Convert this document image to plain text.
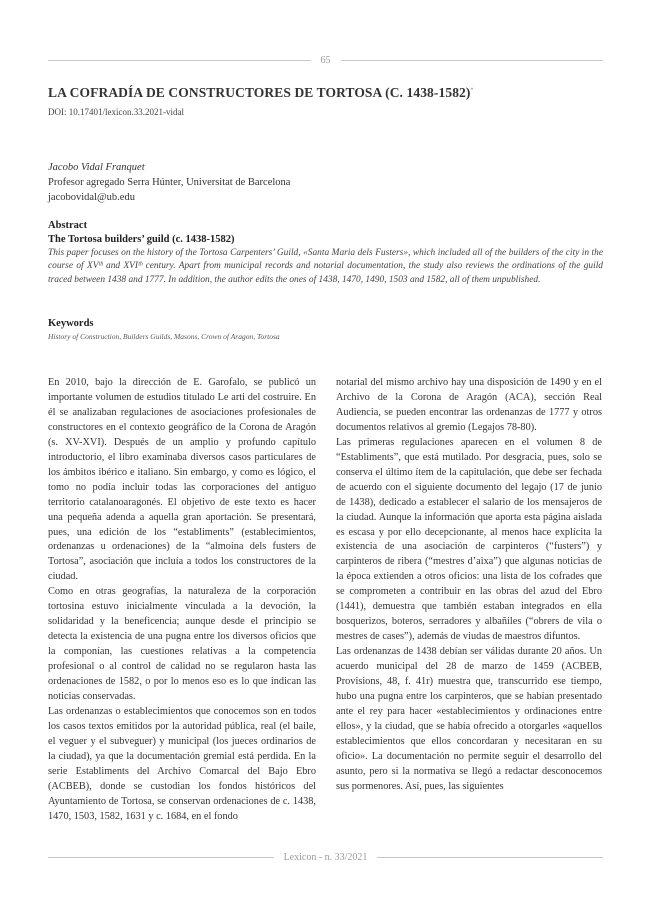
65
LA COFRADÍA DE CONSTRUCTORES DE TORTOSA (C. 1438-1582)*
DOI: 10.17401/lexicon.33.2021-vidal
Jacobo Vidal Franquet
Profesor agregado Serra Húnter, Universitat de Barcelona
jacobovidal@ub.edu
Abstract
The Tortosa builders’ guild (c. 1438-1582)
This paper focuses on the history of the Tortosa Carpenters’ Guild, «Santa Maria dels Fusters», which included all of the builders of the city in the course of XVᵗʰ and XVIᵗʰ century. Apart from municipal records and notarial documentation, the study also reviews the ordinations of the guild traced between 1438 and 1777. In addition, the author edits the ones of 1438, 1470, 1490, 1503 and 1582, all of them unpublished.
Keywords
History of Construction, Builders Guilds, Masons, Crown of Aragon, Tortosa

En 2010, bajo la dirección de E. Garofalo, se publicó un importante volumen de estudios titulado Le arti del costruire. En él se analizaban regulaciones de asociaciones profesionales de constructores en el contexto geográfico de la Corona de Aragón (s. XV-XVI). Después de un amplio y profundo capítulo introductorio, el libro examinaba diversos casos particulares de los ámbitos ibérico e italiano. Sin embargo, y como es lógico, el tomo no podía incluir todas las corporaciones del antiguo territorio catalanoaragonés. El objetivo de este texto es hacer una pequeña adenda a aquella gran aportación. Se presentará, pues, una edición de los “establiments” (establecimientos, ordenanzas u ordenaciones) de la “almoina dels fusters de Tortosa”, asociación que incluía a todos los constructores de la ciudad.

Como en otras geografías, la naturaleza de la corporación tortosina estuvo inicialmente vinculada a la devoción, la solidaridad y la beneficencia; aunque desde el principio se detecta la existencia de una pugna entre los diversos oficios que la componían, las cuestiones relativas a la competencia profesional o al control de calidad no se regularon hasta las ordenaciones de 1582, o por lo menos eso es lo que indican las noticias conservadas.

Las ordenanzas o establecimientos que conocemos son en todos los casos textos emitidos por la autoridad pública, real (el baile, el veguer y el subveguer) y municipal (los jueces ordinarios de la ciudad), ya que la documentación gremial está perdida. En la serie Establiments del Archivo Comarcal del Bajo Ebro (ACBEB), donde se custodian los fondos históricos del Ayuntamiento de Tortosa, se conservan ordenaciones de c. 1438, 1470, 1503, 1582, 1631 y c. 1684, en el fondo

notarial del mismo archivo hay una disposición de 1490 y en el Archivo de la Corona de Aragón (ACA), sección Real Audiencia, se pueden encontrar las ordenanzas de 1777 y otros documentos relativos al gremio (Legajos 78-80).

Las primeras regulaciones aparecen en el volumen 8 de “Establiments”, que está mutilado. Por desgracia, pues, solo se conserva el último ítem de la capitulación, que debe ser fechada de acuerdo con el siguiente documento del legajo (17 de junio de 1438), dedicado a establecer el salario de los mensajeros de la ciudad. Aunque la información que aporta esta página aislada es escasa y por ello decepcionante, al menos hace explícita la existencia de una asociación de carpinteros (“fusters”) y carpinteros de ribera (“mestres d’aixa”) que algunas noticias de la época extienden a otros oficios: una lista de los cofrades que se comprometen a contribuir en las obras del azud del Ebro (1441), demuestra que también estaban integrados en ella bosquerizos, boteros, serradores y albañiles (“obrers de vila o mestres de cases”), además de viudas de maestros difuntos.

Las ordenanzas de 1438 debían ser válidas durante 20 años. Un acuerdo municipal del 28 de marzo de 1459 (ACBEB, Provisions, 48, f. 41r) muestra que, transcurrido ese tiempo, hubo una pugna entre los carpinteros, que se habían presentado ante el rey para hacer «establecimientos y ordinaciones entre ellos», y la ciudad, que se había ofrecido a otorgarles «aquellos establecimientos que ellos concordaran y necesitaran en su oficio». La documentación no permite seguir el desarrollo del asunto, pero si la normativa se llegó a redactar desconocemos sus pormenores. Así, pues, las siguientes

Lexicon - n. 33/2021
